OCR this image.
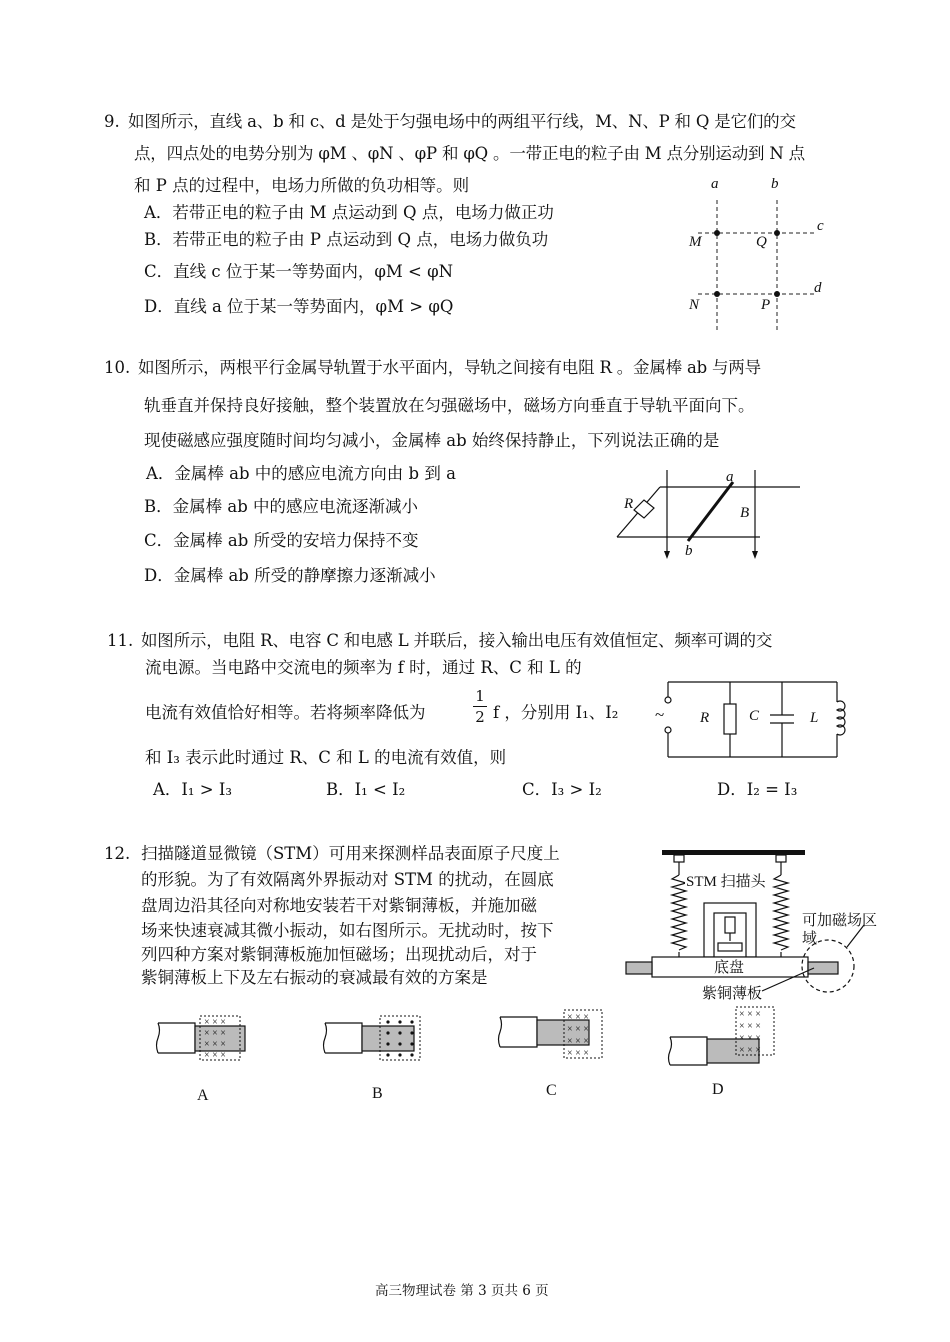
9. 如图所示，直线 a、b 和 c、d 是处于匀强电场中的两组平行线，M、N、P 和 Q 是它们的交
点，四点处的电势分别为 φM 、φN 、φP 和 φQ 。一带正电的粒子由 M 点分别运动到 N 点
和 P 点的过程中，电场力所做的负功相等。则
A．若带正电的粒子由 M 点运动到 Q 点，电场力做正功
B．若带正电的粒子由 P 点运动到 Q 点，电场力做负功
C．直线 c 位于某一等势面内，φM < φN
D．直线 a 位于某一等势面内，φM > φQ
a	b
c
d
M	Q
N	P
10. 如图所示，两根平行金属导轨置于水平面内，导轨之间接有电阻 R 。金属棒 ab 与两导
轨垂直并保持良好接触，整个装置放在匀强磁场中，磁场方向垂直于导轨平面向下。
现使磁感应强度随时间均匀减小，金属棒 ab 始终保持静止，下列说法正确的是
A．金属棒 ab 中的感应电流方向由 b 到 a
B．金属棒 ab 中的感应电流逐渐减小
C．金属棒 ab 所受的安培力保持不变
D．金属棒 ab 所受的静摩擦力逐渐减小
R
a
b
B
11. 如图所示，电阻 R、电容 C 和电感 L 并联后，接入输出电压有效值恒定、频率可调的交
流电源。当电路中交流电的频率为 f 时，通过 R、C 和 L 的
电流有效值恰好相等。若将频率降低为
1
2 f ，分别用 I₁、I₂
和 I₃ 表示此时通过 R、C 和 L 的电流有效值，则
A．I₁ > I₃	B．I₁ < I₂	C．I₃ > I₂	D．I₂ = I₃
~ R	C	L
12. 扫描隧道显微镜（STM）可用来探测样品表面原子尺度上
的形貌。为了有效隔离外界振动对 STM 的扰动，在圆底
盘周边沿其径向对称地安装若干对紫铜薄板，并施加磁
场来快速衰减其微小振动，如右图所示。无扰动时，按下
列四种方案对紫铜薄板施加恒磁场；出现扰动后，对于
紫铜薄板上下及左右振动的衰减最有效的方案是
STM 扫描头
可加磁场区
域
底盘
紫铜薄板
× × ×
× × ×
× × ×
× × ×
× × ×
× × ×
× × ×
× × ×
× × ×
× × ×
× × ×
× × ×
× × ×
A	B	C	D
高三物理试卷 第 3 页共 6 页
